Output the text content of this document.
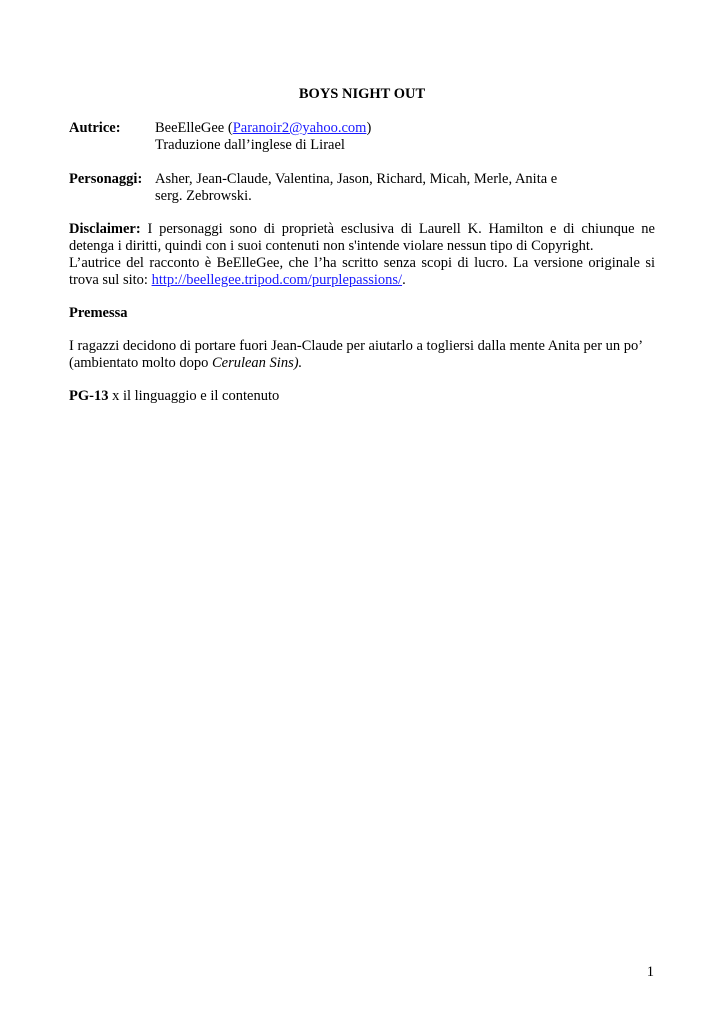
BOYS NIGHT OUT
Autrice: BeeElleGee (Paranoir2@yahoo.com)
Traduzione dall’inglese di Lirael
Personaggi: Asher, Jean-Claude, Valentina, Jason, Richard, Micah, Merle, Anita e
serg. Zebrowski.
Disclaimer: I personaggi sono di proprietà esclusiva di Laurell K. Hamilton e di chiunque ne
detenga i diritti, quindi con i suoi contenuti non s'intende violare nessun tipo di Copyright.
L’autrice del racconto è BeElleGee, che l’ha scritto senza scopi di lucro. La versione originale si
trova sul sito: http://beellegee.tripod.com/purplepassions/.
Premessa
I ragazzi decidono di portare fuori Jean-Claude per aiutarlo a togliersi dalla mente Anita per un po’
(ambientato molto dopo Cerulean Sins).
PG-13 x il linguaggio e il contenuto
1
